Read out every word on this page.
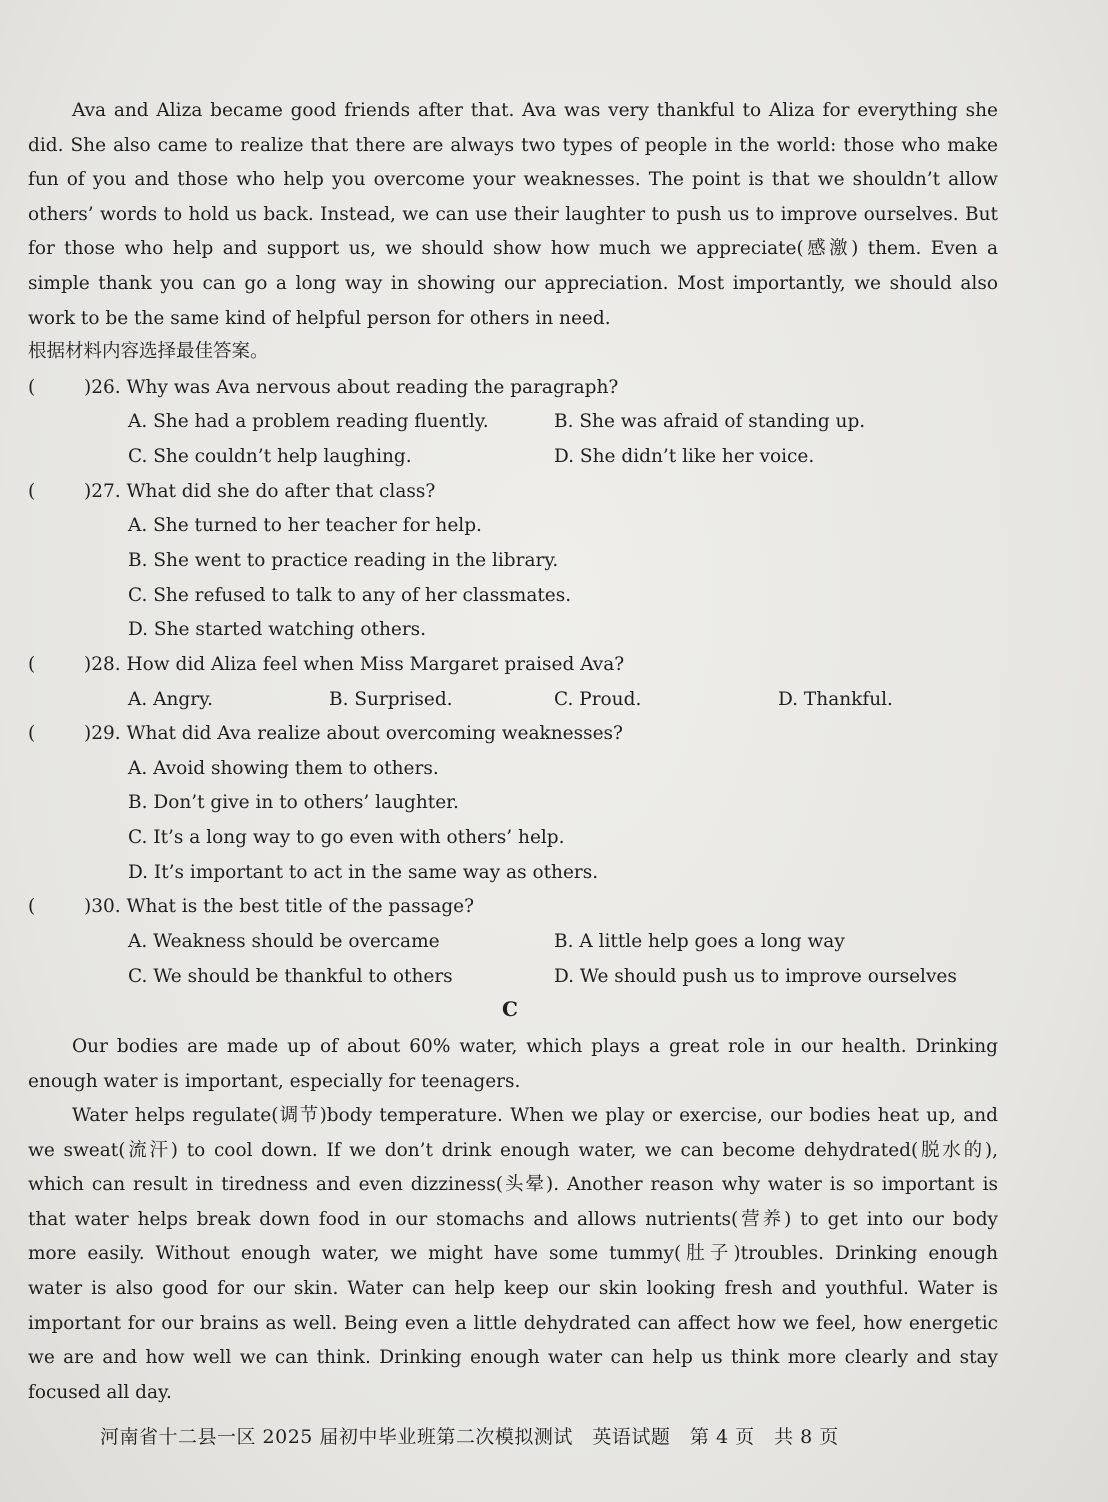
Ava and Aliza became good friends after that. Ava was very thankful to Aliza for everything she
did. She also came to realize that there are always two types of people in the world: those who make
fun of you and those who help you overcome your weaknesses. The point is that we shouldn’t allow
others’ words to hold us back. Instead, we can use their laughter to push us to improve ourselves. But
for those who help and support us, we should show how much we appreciate(感激) them. Even a
simple thank you can go a long way in showing our appreciation. Most importantly, we should also
work to be the same kind of helpful person for others in need.
根据材料内容选择最佳答案。
(	)26. Why was Ava nervous about reading the paragraph?
A. She had a problem reading fluently.	B. She was afraid of standing up.
C. She couldn’t help laughing.	D. She didn’t like her voice.
(	)27. What did she do after that class?
A. She turned to her teacher for help.
B. She went to practice reading in the library.
C. She refused to talk to any of her classmates.
D. She started watching others.
(	)28. How did Aliza feel when Miss Margaret praised Ava?
A. Angry.	B. Surprised.	C. Proud.	D. Thankful.
(	)29. What did Ava realize about overcoming weaknesses?
A. Avoid showing them to others.
B. Don’t give in to others’ laughter.
C. It’s a long way to go even with others’ help.
D. It’s important to act in the same way as others.
(	)30. What is the best title of the passage?
A. Weakness should be overcame	B. A little help goes a long way
C. We should be thankful to others	D. We should push us to improve ourselves
C
Our bodies are made up of about 60% water, which plays a great role in our health. Drinking
enough water is important, especially for teenagers.
Water helps regulate(调节)body temperature. When we play or exercise, our bodies heat up, and
we sweat(流汗) to cool down. If we don’t drink enough water, we can become dehydrated(脱水的),
which can result in tiredness and even dizziness(头晕). Another reason why water is so important is
that water helps break down food in our stomachs and allows nutrients(营养) to get into our body
more easily. Without enough water, we might have some tummy(肚子)troubles. Drinking enough
water is also good for our skin. Water can help keep our skin looking fresh and youthful. Water is
important for our brains as well. Being even a little dehydrated can affect how we feel, how energetic
we are and how well we can think. Drinking enough water can help us think more clearly and stay
focused all day.
河南省十二县一区 2025 届初中毕业班第二次模拟测试　英语试题　第 4 页　共 8 页
